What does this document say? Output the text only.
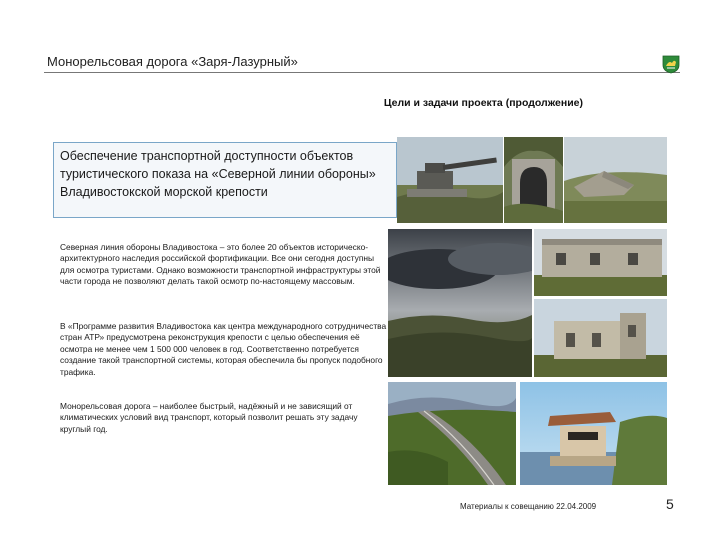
Монорельсовая дорога «Заря-Лазурный»
Цели и задачи проекта (продолжение)
Обеспечение транспортной доступности объектов туристического показа на «Северной линии обороны» Владивостокской морской крепости
Северная линия обороны Владивостока – это более 20 объектов историческо-архитектурного наследия российской фортификации. Все они сегодня доступны для осмотра туристами. Однако возможности транспортной инфраструктуры этой части города не позволяют делать такой осмотр по-настоящему массовым.
В «Программе развития Владивостока как центра международного сотрудничества стран АТР» предусмотрена реконструкция крепости с целью обеспечения её осмотра не менее чем 1 500 000 человек в год. Соответственно потребуется создание такой транспортной системы, которая обеспечила бы пропуск подобного трафика.
Монорельсовая дорога – наиболее быстрый, надёжный и не зависящий от климатических условий вид транспорт, который позволит решать эту задачу круглый год.
Материалы к совещанию 22.04.2009	5
